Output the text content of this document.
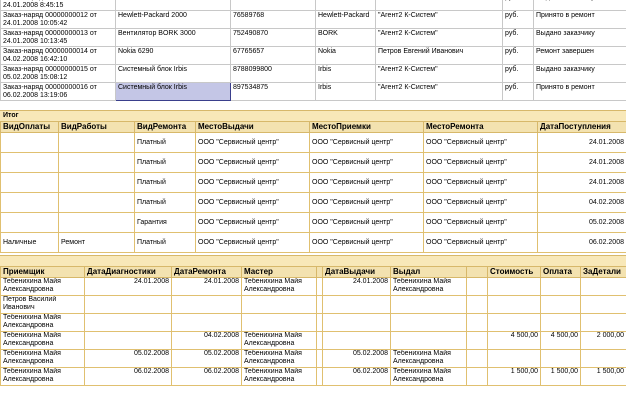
24.01.2008 8:45:15						
Заказ-наряд 00000000012 от 24.01.2008 10:05:42	Hewlett-Packard 2000	76589768	Hewlett-Packard	"Агент2 К-Систем"	руб.	Принято в ремонт
Заказ-наряд 00000000013 от 24.01.2008 10:13:45	Вентилятор BORK 3000	752490870	BORK	"Агент2 К-Систем"	руб.	Выдано заказчику
Заказ-наряд 00000000014 от 04.02.2008 16:42:10	Nokia 6290	67765657	Nokia	Петров Евгений Иванович	руб.	Ремонт завершен
Заказ-наряд 00000000015 от 05.02.2008 15:08:12	Системный блок Irbis	8788099800	Irbis	"Агент2 К-Систем"	руб.	Выдано заказчику
Заказ-наряд 00000000016 от 06.02.2008 13:19:06	Системный блок Irbis	897534875	Irbis	"Агент2 К-Систем"	руб.	Принято в ремонт
Итог
ВидОплаты	ВидРаботы	ВидРемонта	МестоВыдачи	МестоПриемки	МестоРемонта	ДатаПоступления
		Платный	ООО "Сервисный центр"	ООО "Сервисный центр"	ООО "Сервисный центр"	24.01.2008
		Платный	ООО "Сервисный центр"	ООО "Сервисный центр"	ООО "Сервисный центр"	24.01.2008
		Платный	ООО "Сервисный центр"	ООО "Сервисный центр"	ООО "Сервисный центр"	24.01.2008
		Платный	ООО "Сервисный центр"	ООО "Сервисный центр"	ООО "Сервисный центр"	04.02.2008
		Гарантия	ООО "Сервисный центр"	ООО "Сервисный центр"	ООО "Сервисный центр"	05.02.2008
Наличные	Ремонт	Платный	ООО "Сервисный центр"	ООО "Сервисный центр"	ООО "Сервисный центр"	06.02.2008
Приемщик	ДатаДиагностики	ДатаРемонта	Мастер		ДатаВыдачи	Выдал		Стоимость	Оплата	ЗаДетали
Тебенихина Майя Александровна	24.01.2008	24.01.2008	Тебенихина Майя Александровна		24.01.2008	Тебенихина Майя Александровна				
Петров Василий Иванович										
Тебенихина Майя Александровна										
Тебенихина Майя Александровна		04.02.2008	Тебенихина Майя Александровна					4 500,00	4 500,00	2 000,00
Тебенихина Майя Александровна	05.02.2008	05.02.2008	Тебенихина Майя Александровна		05.02.2008	Тебенихина Майя Александровна				
Тебенихина Майя Александровна	06.02.2008	06.02.2008	Тебенихина Майя Александровна		06.02.2008	Тебенихина Майя Александровна		1 500,00	1 500,00	1 500,00
